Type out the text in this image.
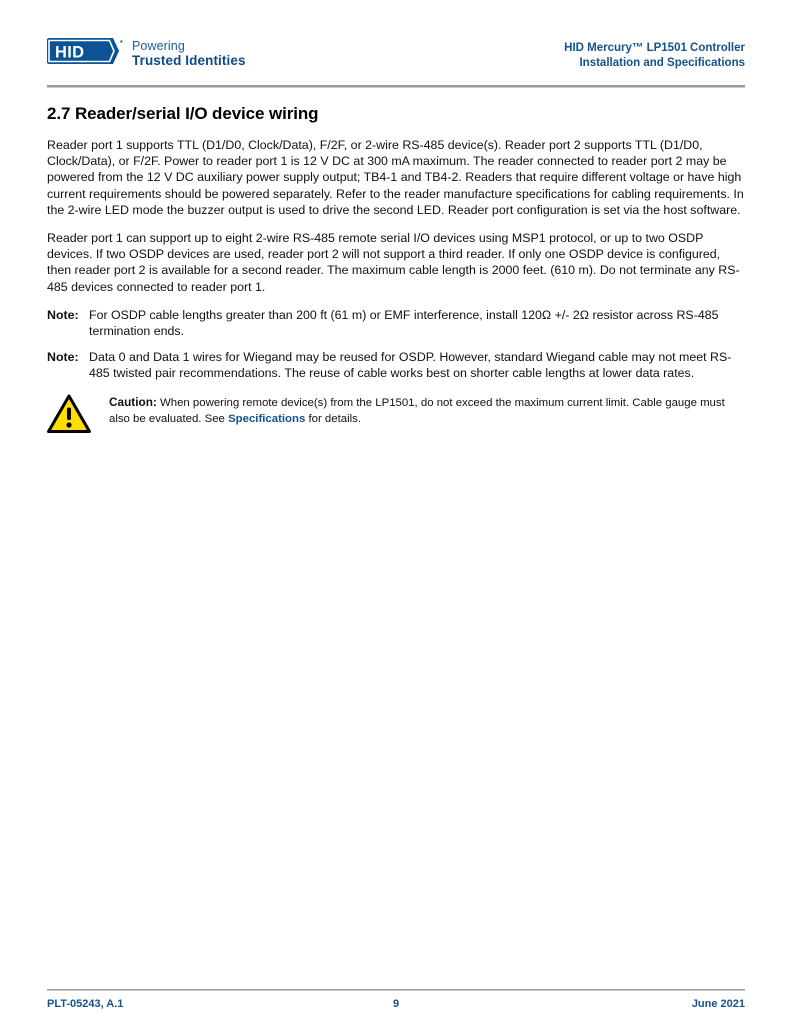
HID	* Powering
Trusted Identities
HID Mercury™ LP1501 Controller
Installation and Specifications
2.7 Reader/serial I/O device wiring

Reader port 1 supports TTL (D1/D0, Clock/Data), F/2F, or 2-wire RS-485 device(s). Reader port 2 supports TTL (D1/D0, Clock/Data), or F/2F. Power to reader port 1 is 12 V DC at 300 mA maximum. The reader connected to reader port 2 may be powered from the 12 V DC auxiliary power supply output; TB4-1 and TB4-2. Readers that require different voltage or have high current requirements should be powered separately. Refer to the reader manufacture specifications for cabling requirements. In the 2-wire LED mode the buzzer output is used to drive the second LED. Reader port configuration is set via the host software.

Reader port 1 can support up to eight 2-wire RS-485 remote serial I/O devices using MSP1 protocol, or up to two OSDP devices. If two OSDP devices are used, reader port 2 will not support a third reader. If only one OSDP device is configured, then reader port 2 is available for a second reader. The maximum cable length is 2000 feet. (610 m). Do not terminate any RS-485 devices connected to reader port 1.

Note: For OSDP cable lengths greater than 200 ft (61 m) or EMF interference, install 120Ω +/- 2Ω resistor across RS-485 termination ends.
Note: Data 0 and Data 1 wires for Wiegand may be reused for OSDP. However, standard Wiegand cable may not meet RS-485 twisted pair recommendations. The reuse of cable works best on shorter cable lengths at lower data rates.
Caution: When powering remote device(s) from the LP1501, do not exceed the maximum current limit. Cable gauge must also be evaluated. See Specifications for details.
PLT-05243, A.1	9	June 2021
